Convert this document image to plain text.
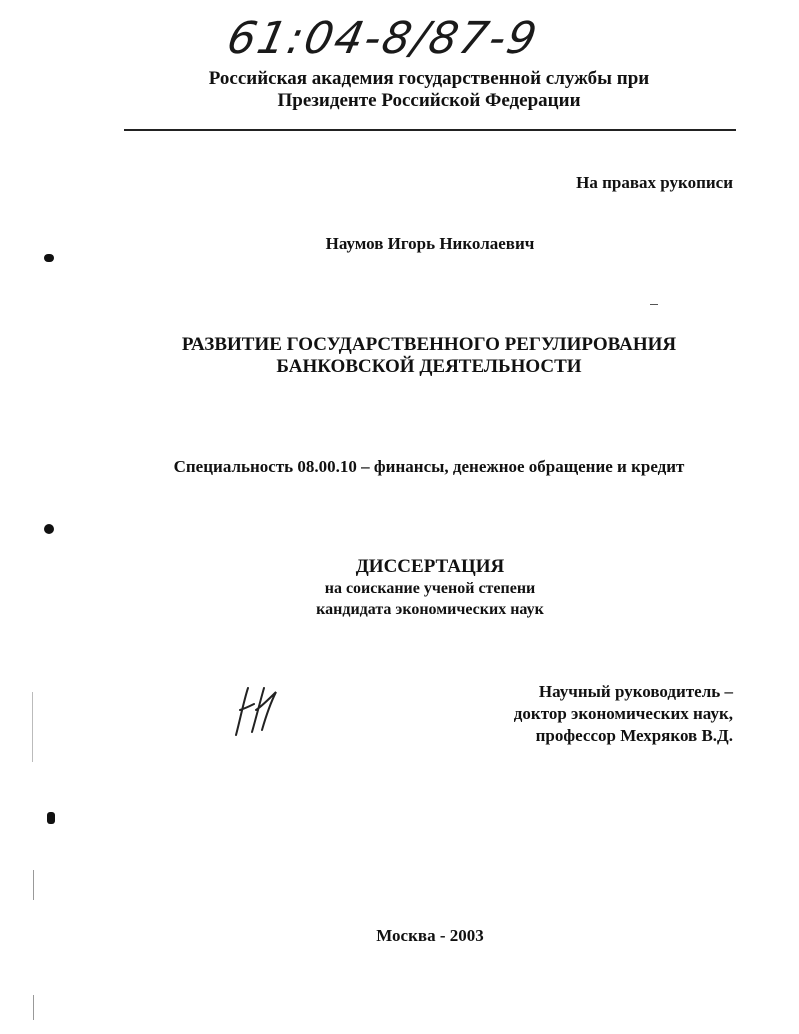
61:04-8/87-9
Российская академия государственной службы при
Президенте Российской Федерации
На правах рукописи
Наумов Игорь Николаевич
РАЗВИТИЕ ГОСУДАРСТВЕННОГО РЕГУЛИРОВАНИЯ
БАНКОВСКОЙ ДЕЯТЕЛЬНОСТИ
Специальность 08.00.10 – финансы, денежное обращение и кредит
ДИССЕРТАЦИЯ
на соискание ученой степени
кандидата экономических наук
Научный руководитель –
доктор экономических наук,
профессор Мехряков В.Д.
Москва - 2003
